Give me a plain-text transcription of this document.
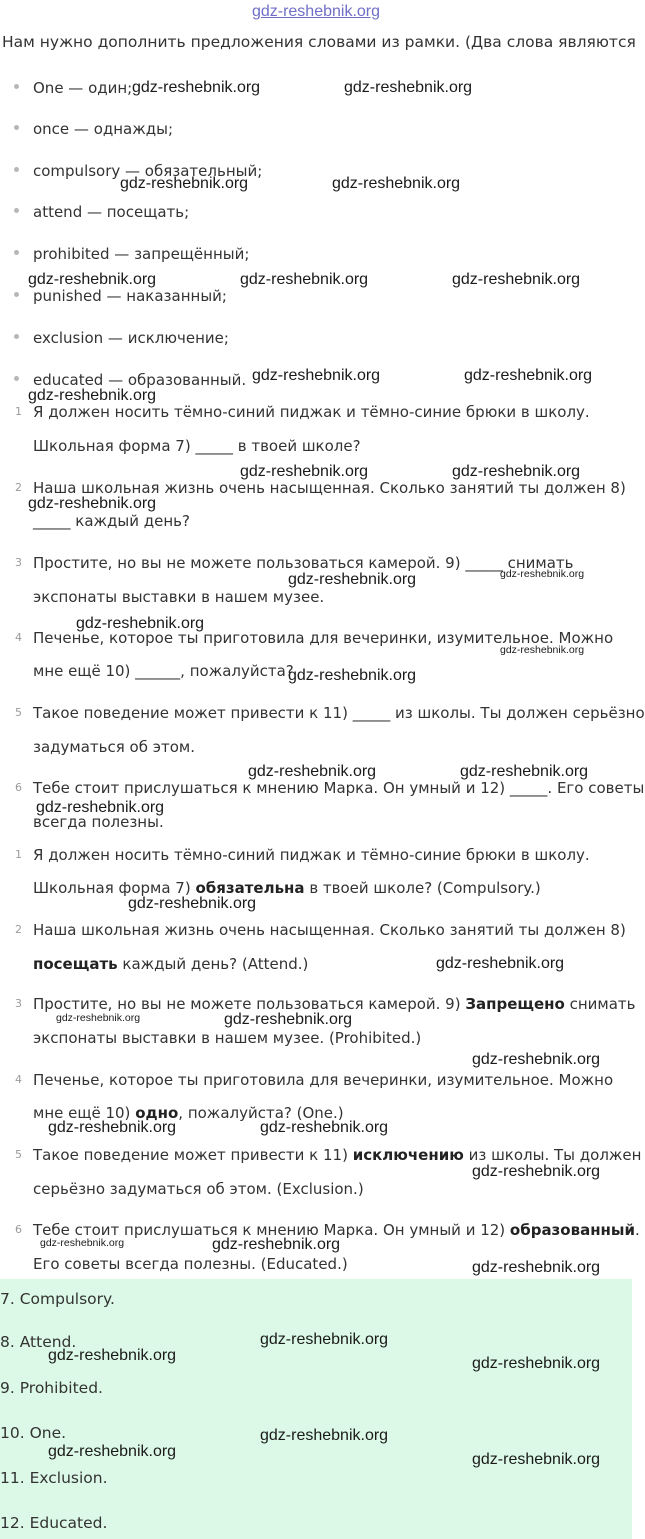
gdz-reshebnik.org
Нам нужно дополнить предложения словами из рамки. (Два слова являются
One — один;
once — однажды;
compulsory — обязательный;
attend — посещать;
prohibited — запрещённый;
punished — наказанный;
exclusion — исключение;
educated — образованный.
1 Я должен носить тёмно-синий пиджак и тёмно-синие брюки в школу.
Школьная форма 7) _____ в твоей школе?
2 Наша школьная жизнь очень насыщенная. Сколько занятий ты должен 8)
_____ каждый день?
3 Простите, но вы не можете пользоваться камерой. 9) _____ снимать
экспонаты выставки в нашем музее.
4 Печенье, которое ты приготовила для вечеринки, изумительное. Можно
мне ещё 10) ______, пожалуйста?
5 Такое поведение может привести к 11) _____ из школы. Ты должен серьёзно
задуматься об этом.
6 Тебе стоит прислушаться к мнению Марка. Он умный и 12) _____. Его советы
всегда полезны.
1 Я должен носить тёмно-синий пиджак и тёмно-синие брюки в школу.
Школьная форма 7) обязательна в твоей школе? (Compulsory.)
2 Наша школьная жизнь очень насыщенная. Сколько занятий ты должен 8)
посещать каждый день? (Attend.)
3 Простите, но вы не можете пользоваться камерой. 9) Запрещено снимать
экспонаты выставки в нашем музее. (Prohibited.)
4 Печенье, которое ты приготовила для вечеринки, изумительное. Можно
мне ещё 10) одно, пожалуйста? (One.)
5 Такое поведение может привести к 11) исключению из школы. Ты должен
серьёзно задуматься об этом. (Exclusion.)
6 Тебе стоит прислушаться к мнению Марка. Он умный и 12) образованный.
Его советы всегда полезны. (Educated.)
7. Compulsory.
8. Attend.
9. Prohibited.
10. One.
11. Exclusion.
12. Educated.
gdz-reshebnik.org	gdz-reshebnik.org
gdz-reshebnik.org	gdz-reshebnik.org
gdz-reshebnik.org	gdz-reshebnik.org	gdz-reshebnik.org
gdz-reshebnik.org	gdz-reshebnik.org
gdz-reshebnik.org
gdz-reshebnik.org	gdz-reshebnik.org
gdz-reshebnik.org
gdz-reshebnik.org	gdz-reshebnik.org
gdz-reshebnik.org
gdz-reshebnik.org
gdz-reshebnik.org
gdz-reshebnik.org	gdz-reshebnik.org
gdz-reshebnik.org
gdz-reshebnik.org
gdz-reshebnik.org
gdz-reshebnik.org	gdz-reshebnik.org
gdz-reshebnik.org
gdz-reshebnik.org	gdz-reshebnik.org
gdz-reshebnik.org
gdz-reshebnik.org	gdz-reshebnik.org
gdz-reshebnik.org
gdz-reshebnik.org
gdz-reshebnik.org	gdz-reshebnik.org
gdz-reshebnik.org
gdz-reshebnik.org	gdz-reshebnik.org
